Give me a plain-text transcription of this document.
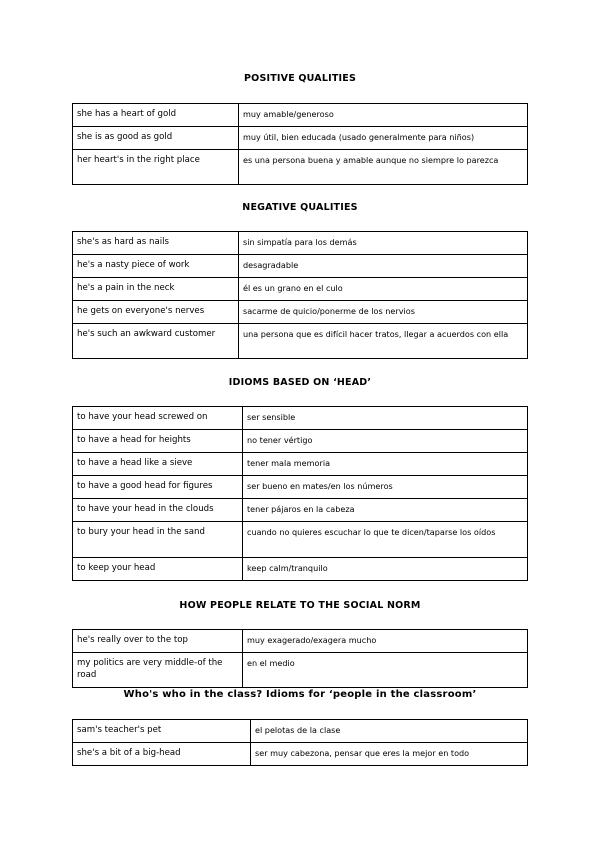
POSITIVE QUALITIES
she has a heart of gold	muy amable/generoso
she is as good as gold	muy útil, bien educada (usado generalmente para niños)
her heart's in the right place	es una persona buena y amable aunque no siempre lo parezca
NEGATIVE QUALITIES
she's as hard as nails	sin simpatía para los demás
he's a nasty piece of work	desagradable
he's a pain in the neck	él es un grano en el culo
he gets on everyone's nerves	sacarme de quicio/ponerme de los nervios
he's such an awkward customer	una persona que es difícil hacer tratos, llegar a acuerdos con ella
IDIOMS BASED ON ‘HEAD’
to have your head screwed on	ser sensible
to have a head for heights	no tener vértigo
to have a head like a sieve	tener mala memoria
to have a good head for figures	ser bueno en mates/en los números
to have your head in the clouds	tener pájaros en la cabeza
to bury your head in the sand	cuando no quieres escuchar lo que te dicen/taparse los oídos
to keep your head	keep calm/tranquilo
HOW PEOPLE RELATE TO THE SOCIAL NORM
he's really over to the top	muy exagerado/exagera mucho
my politics are very middle-of the road	en el medio
Who's who in the class? Idioms for ‘people in the classroom’
sam's teacher's pet	el pelotas de la clase
she's a bit of a big-head	ser muy cabezona, pensar que eres la mejor en todo
